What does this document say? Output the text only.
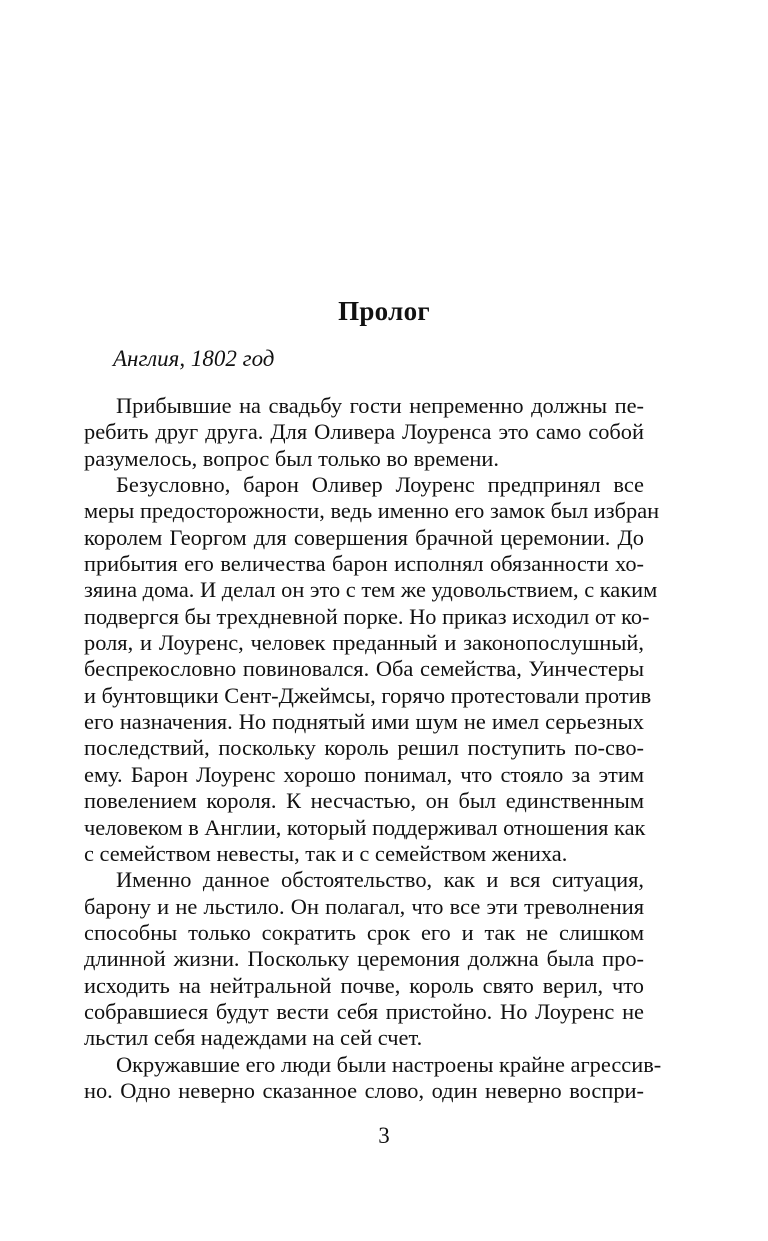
Пролог
Англия, 1802 год
Прибывшие на свадьбу гости непременно должны пе-
ребить друг друга. Для Оливера Лоуренса это само собой
разумелось, вопрос был только во времени.
Безусловно, барон Оливер Лоуренс предпринял все
меры предосторожности, ведь именно его замок был избран
королем Георгом для совершения брачной церемонии. До
прибытия его величества барон исполнял обязанности хо-
зяина дома. И делал он это с тем же удовольствием, с каким
подвергся бы трехдневной порке. Но приказ исходил от ко-
роля, и Лоуренс, человек преданный и законопослушный,
беспрекословно повиновался. Оба семейства, Уинчестеры
и бунтовщики Сент-Джеймсы, горячо протестовали против
его назначения. Но поднятый ими шум не имел серьезных
последствий, поскольку король решил поступить по-сво-
ему. Барон Лоуренс хорошо понимал, что стояло за этим
повелением короля. К несчастью, он был единственным
человеком в Англии, который поддерживал отношения как
с семейством невесты, так и с семейством жениха.
Именно данное обстоятельство, как и вся ситуация,
барону и не льстило. Он полагал, что все эти треволнения
способны только сократить срок его и так не слишком
длинной жизни. Поскольку церемония должна была про-
исходить на нейтральной почве, король свято верил, что
собравшиеся будут вести себя пристойно. Но Лоуренс не
льстил себя надеждами на сей счет.
Окружавшие его люди были настроены крайне агрессив-
но. Одно неверно сказанное слово, один неверно воспри-
3
